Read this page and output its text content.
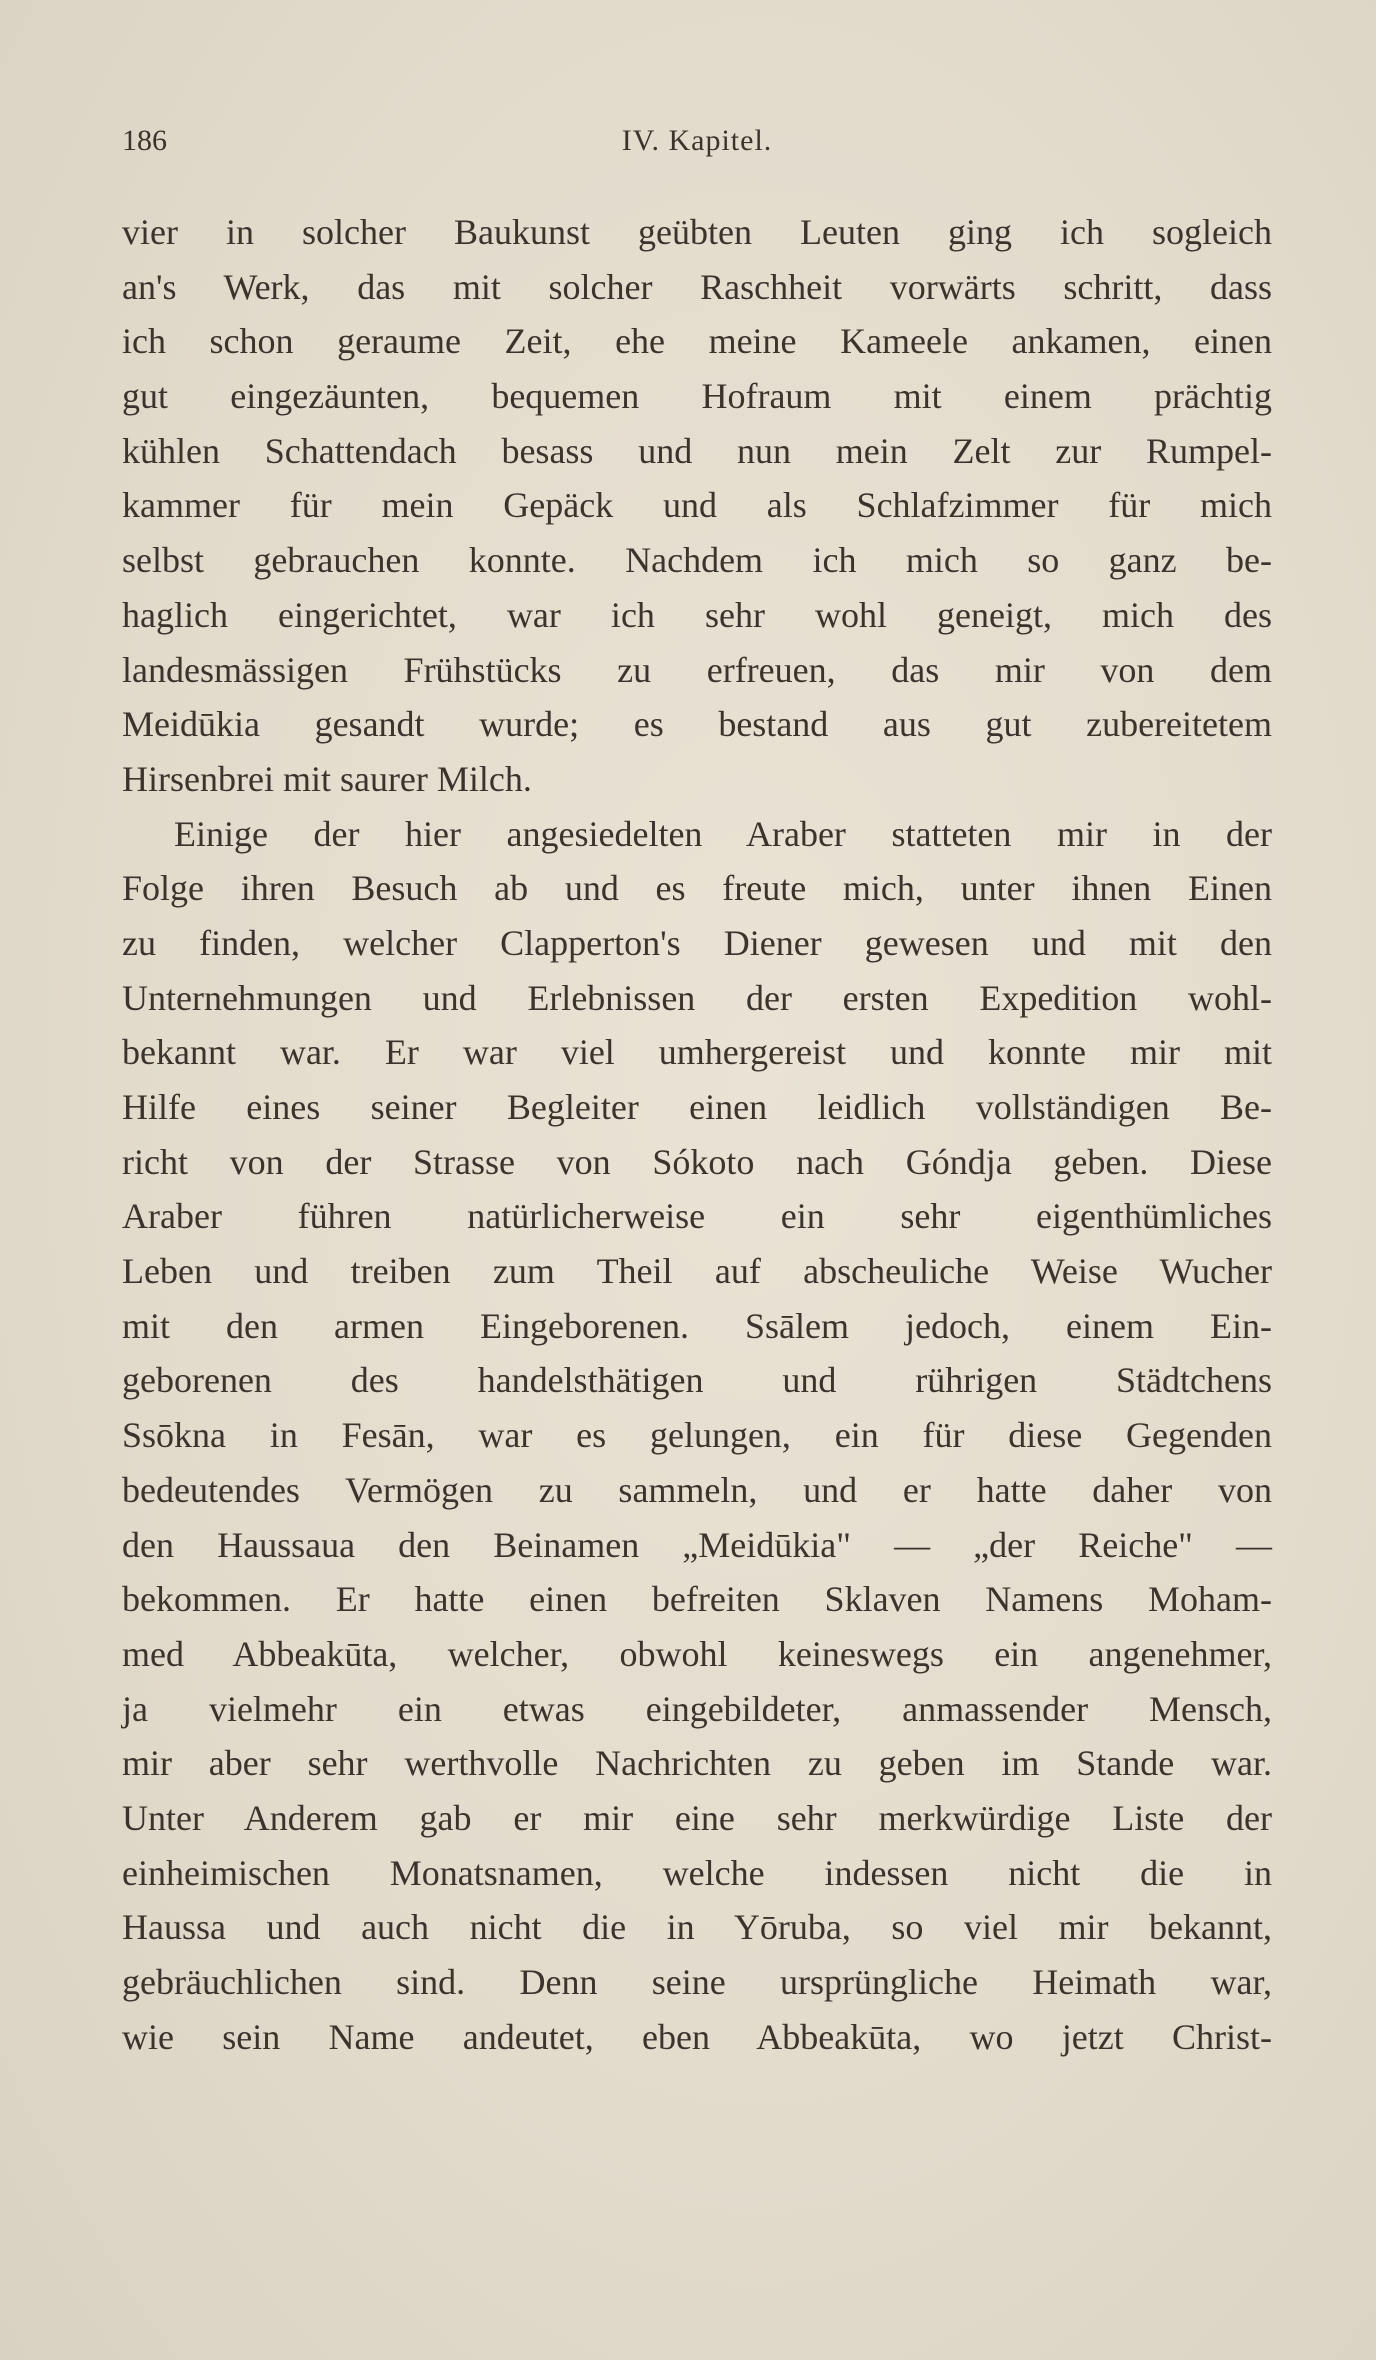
186	IV. Kapitel.
vier in solcher Baukunst geübten Leuten ging ich sogleich
an's Werk, das mit solcher Raschheit vorwärts schritt, dass
ich schon geraume Zeit, ehe meine Kameele ankamen, einen
gut eingezäunten, bequemen Hofraum mit einem prächtig
kühlen Schattendach besass und nun mein Zelt zur Rumpel-
kammer für mein Gepäck und als Schlafzimmer für mich
selbst gebrauchen konnte. Nachdem ich mich so ganz be-
haglich eingerichtet, war ich sehr wohl geneigt, mich des
landesmässigen Frühstücks zu erfreuen, das mir von dem
Meidūkia gesandt wurde; es bestand aus gut zubereitetem
Hirsenbrei mit saurer Milch.
Einige der hier angesiedelten Araber statteten mir in der
Folge ihren Besuch ab und es freute mich, unter ihnen Einen
zu finden, welcher Clapperton's Diener gewesen und mit den
Unternehmungen und Erlebnissen der ersten Expedition wohl-
bekannt war. Er war viel umhergereist und konnte mir mit
Hilfe eines seiner Begleiter einen leidlich vollständigen Be-
richt von der Strasse von Sókoto nach Góndja geben. Diese
Araber führen natürlicherweise ein sehr eigenthümliches
Leben und treiben zum Theil auf abscheuliche Weise Wucher
mit den armen Eingeborenen. Ssālem jedoch, einem Ein-
geborenen des handelsthätigen und rührigen Städtchens
Ssōkna in Fesān, war es gelungen, ein für diese Gegenden
bedeutendes Vermögen zu sammeln, und er hatte daher von
den Haussaua den Beinamen „Meidūkia" — „der Reiche" —
bekommen. Er hatte einen befreiten Sklaven Namens Moham-
med Abbeakūta, welcher, obwohl keineswegs ein angenehmer,
ja vielmehr ein etwas eingebildeter, anmassender Mensch,
mir aber sehr werthvolle Nachrichten zu geben im Stande war.
Unter Anderem gab er mir eine sehr merkwürdige Liste der
einheimischen Monatsnamen, welche indessen nicht die in
Haussa und auch nicht die in Yōruba, so viel mir bekannt,
gebräuchlichen sind. Denn seine ursprüngliche Heimath war,
wie sein Name andeutet, eben Abbeakūta, wo jetzt Christ-
